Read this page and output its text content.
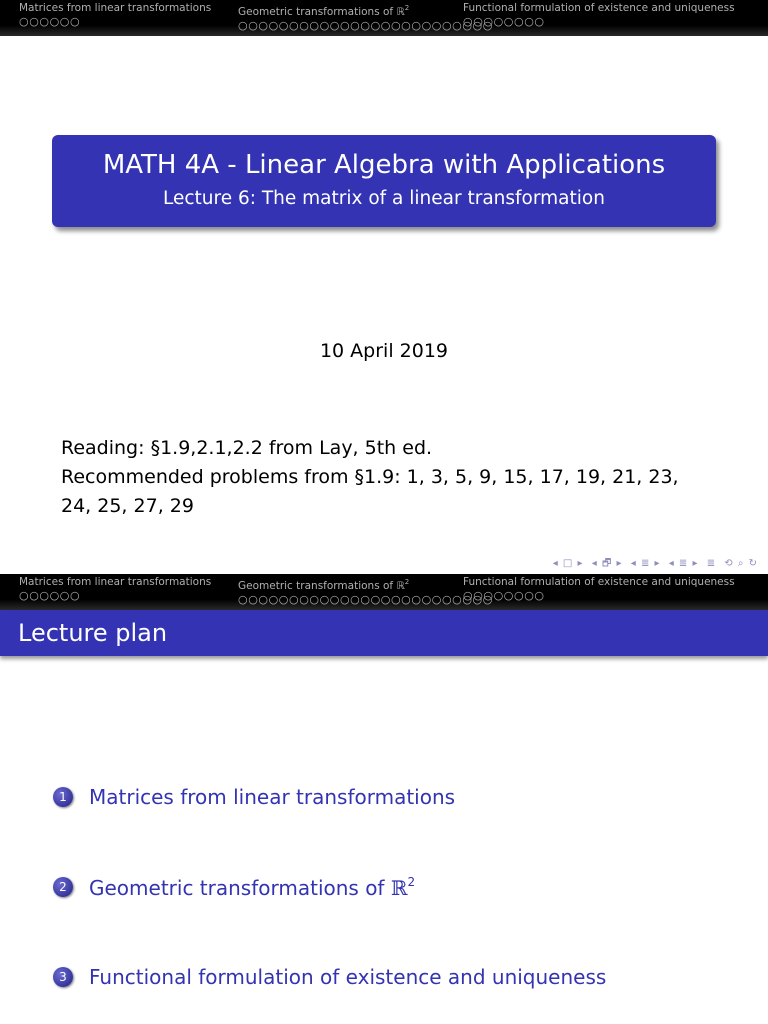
Matrices from linear transformations
○○○○○○
Geometric transformations of ℝ$^2$
○○○○○○○○○○○○○○○○○○○○○○○○○
Functional formulation of existence and uniqueness
○○○○○○○○
MATH 4A - Linear Algebra with Applications
Lecture 6: The matrix of a linear transformation
10 April 2019
Reading: §1.9,2.1,2.2 from Lay, 5th ed.
Recommended problems from §1.9: 1, 3, 5, 9, 15, 17, 19, 21, 23, 24, 25, 27, 29
◂ □ ▸ ◂ 🗗 ▸ ◂ ≣ ▸ ◂ ≣ ▸ ≣ ⟲ ⌕ ↻
Matrices from linear transformations
○○○○○○
Geometric transformations of ℝ$^2$
○○○○○○○○○○○○○○○○○○○○○○○○○
Functional formulation of existence and uniqueness
○○○○○○○○
Lecture plan
1	Matrices from linear transformations
2	Geometric transformations of ℝ$^2$
3	Functional formulation of existence and uniqueness
